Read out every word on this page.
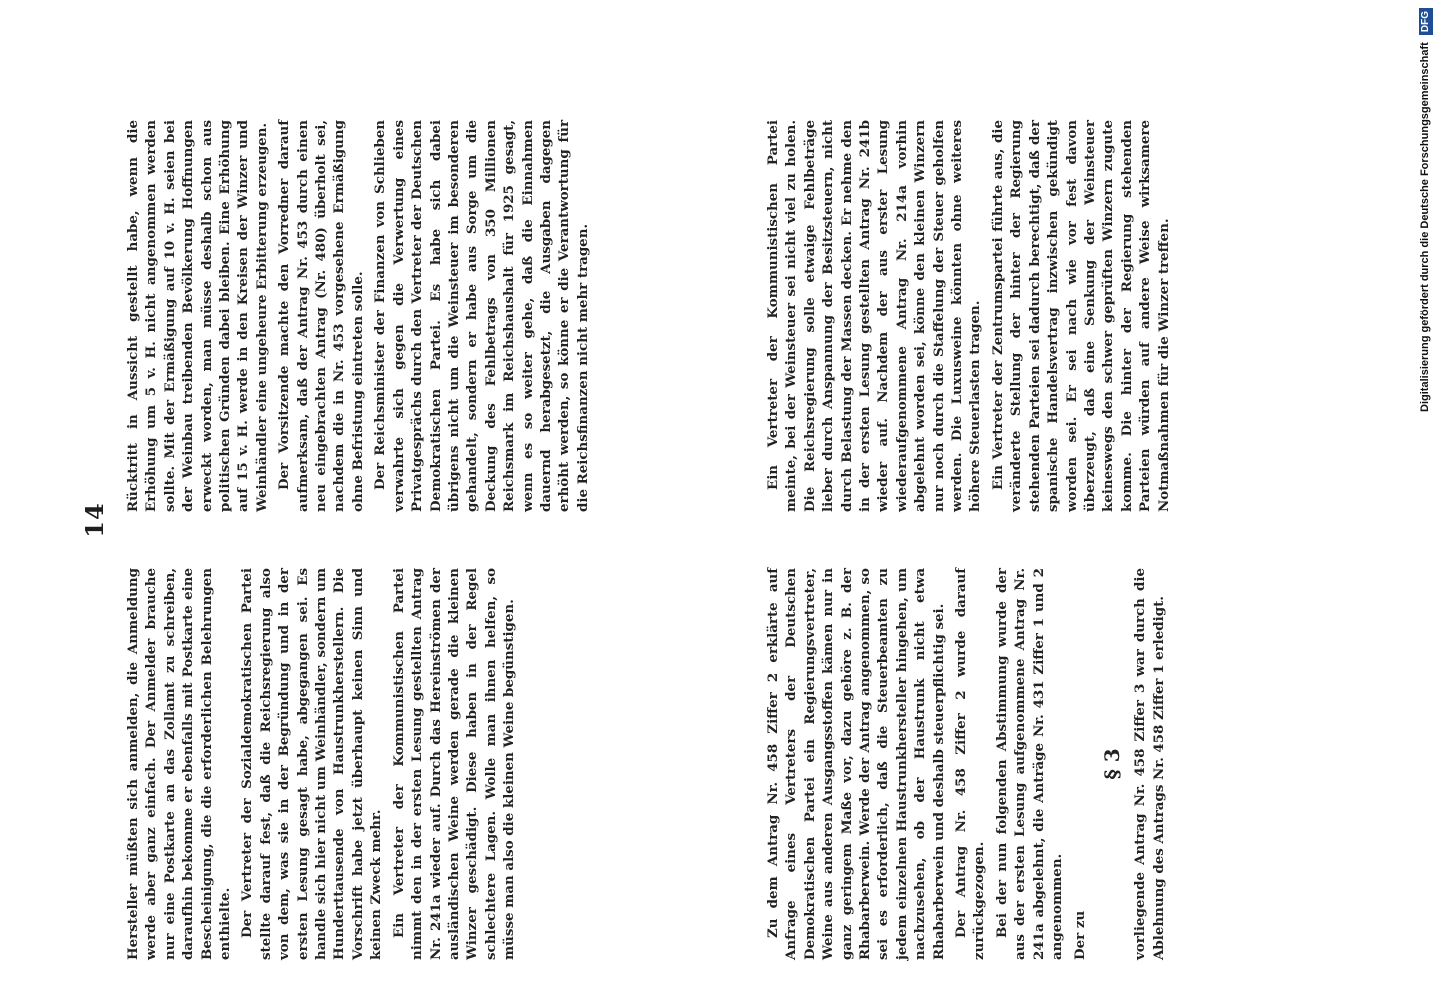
14

Hersteller müßten sich anmelden, die Anmeldung werde aber ganz einfach. Der Anmelder brauche nur eine Postkarte an das Zollamt zu schreiben, daraufhin bekomme er ebenfalls mit Postkarte eine Bescheinigung, die die erforderlichen Belehrungen enthielte. Der Vertreter der Sozialdemokratischen Partei stellte darauf fest, daß die Reichsregierung also von dem, was sie in der Begründung und in der ersten Lesung gesagt habe, abgegangen sei. Es handle sich hier nicht um Weinhändler, sondern um Hunderttausende von Haustrunkherstellern. Die Vorschrift habe jetzt überhaupt keinen Sinn und keinen Zweck mehr. Ein Vertreter der Kommunistischen Partei nimmt den in der ersten Lesung gestellten Antrag Nr. 241a wieder auf. Durch das Hereinströmen der ausländischen Weine werden gerade die kleinen Winzer geschädigt. Diese haben in der Regel schlechtere Lagen. Wolle man ihnen helfen, so müsse man also die kleinen Weine begünstigen.	Zu dem Antrag Nr. 458 Ziffer 2 erklärte auf Anfrage eines Vertreters der Deutschen Demokratischen Partei ein Regierungsvertreter, Weine aus anderen Ausgangsstoffen kämen nur in ganz geringem Maße vor, dazu gehöre z. B. der Rhabarberwein. Werde der Antrag angenommen, so sei es erforderlich, daß die Steuerbeamten zu jedem einzelnen Haustrunkhersteller hingehen, um nachzusehen, ob der Haustrunk nicht etwa Rhabarberwein und deshalb steuerpflichtig sei. Der Antrag Nr. 458 Ziffer 2 wurde darauf zurückgezogen. Bei der nun folgenden Abstimmung wurde der aus der ersten Lesung aufgenommene Antrag Nr. 241a abgelehnt, die Anträge Nr. 431 Ziffer 1 und 2 angenommen. Der zu

§ 3 vorliegende Antrag Nr. 458 Ziffer 3 war durch die Ablehnung des Antrags Nr. 458 Ziffer 1 erledigt.

Rücktritt in Aussicht gestellt habe, wenn die Erhöhung um 5 v. H. nicht angenommen werden sollte. Mit der Ermäßigung auf 10 v. H. seien bei der Weinbau treibenden Bevölkerung Hoffnungen erweckt worden, man müsse deshalb schon aus politischen Gründen dabei bleiben. Eine Erhöhung auf 15 v. H. werde in den Kreisen der Winzer und Weinhändler eine ungeheure Erbitterung erzeugen. Der Vorsitzende machte den Vorredner darauf aufmerksam, daß der Antrag Nr. 453 durch einen neu eingebrachten Antrag (Nr. 480) überholt sei, nachdem die in Nr. 453 vorgesehene Ermäßigung ohne Befristung eintreten solle. Der Reichsminister der Finanzen von Schlieben verwahrte sich gegen die Verwertung eines Privatgesprächs durch den Vertreter der Deutschen Demokratischen Partei. Es habe sich dabei übrigens nicht um die Weinsteuer im besonderen gehandelt, sondern er habe aus Sorge um die Deckung des Fehlbetrags von 350 Millionen Reichsmark im Reichshaushalt für 1925 gesagt, wenn es so weiter gehe, daß die Einnahmen dauernd herabgesetzt, die Ausgaben dagegen erhöht werden, so könne er die Verantwortung für die Reichsfinanzen nicht mehr tragen.	Ein Vertreter der Kommunistischen Partei meinte, bei der Weinsteuer sei nicht viel zu holen. Die Reichsregierung solle etwaige Fehlbeträge lieber durch Anspannung der Besitzsteuern, nicht durch Belastung der Massen decken. Er nehme den in der ersten Lesung gestellten Antrag Nr. 241b wieder auf. Nachdem der aus erster Lesung wiederaufgenommene Antrag Nr. 214a vorhin abgelehnt worden sei, könne den kleinen Winzern nur noch durch die Staffelung der Steuer geholfen werden. Die Luxusweine könnten ohne weiteres höhere Steuerlasten tragen. Ein Vertreter der Zentrumspartei führte aus, die veränderte Stellung der hinter der Regierung stehenden Parteien sei dadurch berechtigt, daß der spanische Handelsvertrag inzwischen gekündigt worden sei. Er sei nach wie vor fest davon überzeugt, daß eine Senkung der Weinsteuer keineswegs den schwer geprüften Winzern zugute komme. Die hinter der Regierung stehenden Parteien würden auf andere Weise wirksamere Notmaßnahmen für die Winzer treffen.	Digitalisierung gefördert durch die Deutsche Forschungsgemeinschaft DFG
